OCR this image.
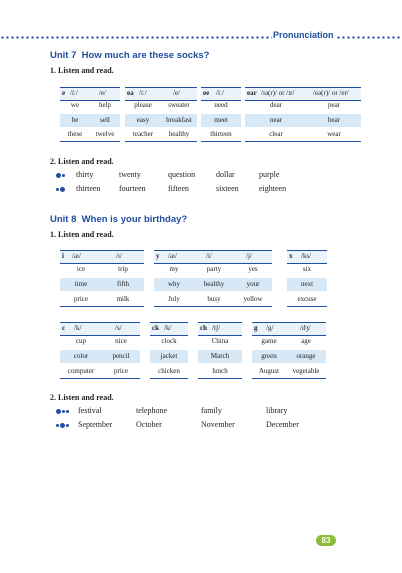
Pronunciation
Unit 7 How much are these socks?
1. Listen and read.
e /iː/	/e/
we	help
be	sell
these	twelve
ea /iː/	/e/
please	sweater
easy	breakfast
teacher	healthy
ee /iː/
need
meet
thirteen
ear /ɪə(r)/ or /ɪr/	/eə(r)/ or /er/
dear	pear
near	bear
clear	wear
2. Listen and read.
thirty	twenty	question	dollar	purple
thirteen fourteen	fifteen	sixteen	eighteen
Unit 8 When is your birthday?
1. Listen and read.
i /aɪ/	/ɪ/
ice	trip
time	fifth
price	milk
y /aɪ/	/i/	/j/
my	party	yes
why	healthy	your
July	busy	yellow
x /ks/
six
next
excuse
c /k/	/s/
cup	nice
color	pencil
computer	price
ck /k/
clock
jacket
chicken
ch /tʃ/
China
March
lunch
g /g/	/dʒ/
game	age
green	orange
August	vegetable
2. Listen and read.
festival	telephone	family	library
September	October	November	December
83
